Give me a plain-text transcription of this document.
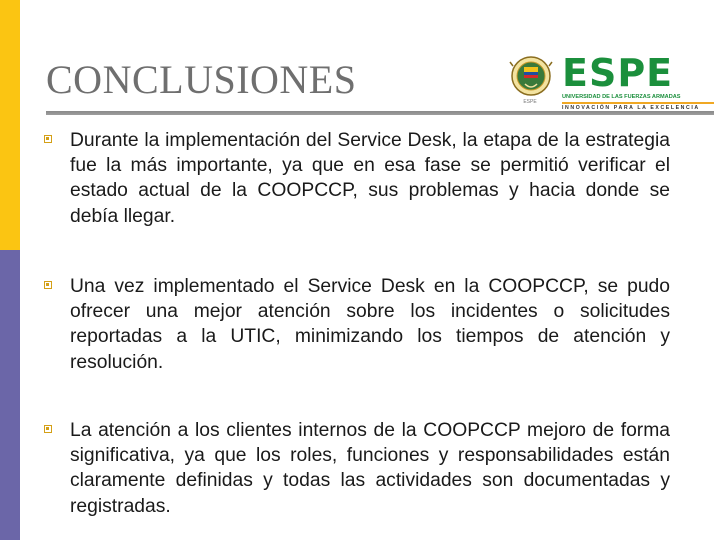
CONCLUSIONES	ESPE
ESPE
UNIVERSIDAD DE LAS FUERZAS ARMADAS
INNOVACIÓN PARA LA EXCELENCIA

Durante la implementación del Service Desk, la etapa de la estrategia fue la más importante, ya que en esa fase se permitió verificar el estado actual de la COOPCCP, sus problemas y hacia donde se debía llegar.

Una vez implementado el Service Desk en la COOPCCP, se pudo ofrecer una mejor atención sobre los incidentes o solicitudes reportadas a la UTIC, minimizando los tiempos de atención y resolución.

La atención a los clientes internos de la COOPCCP mejoro de forma significativa, ya que los roles, funciones y responsabilidades están claramente definidas y todas las actividades son documentadas y registradas.
